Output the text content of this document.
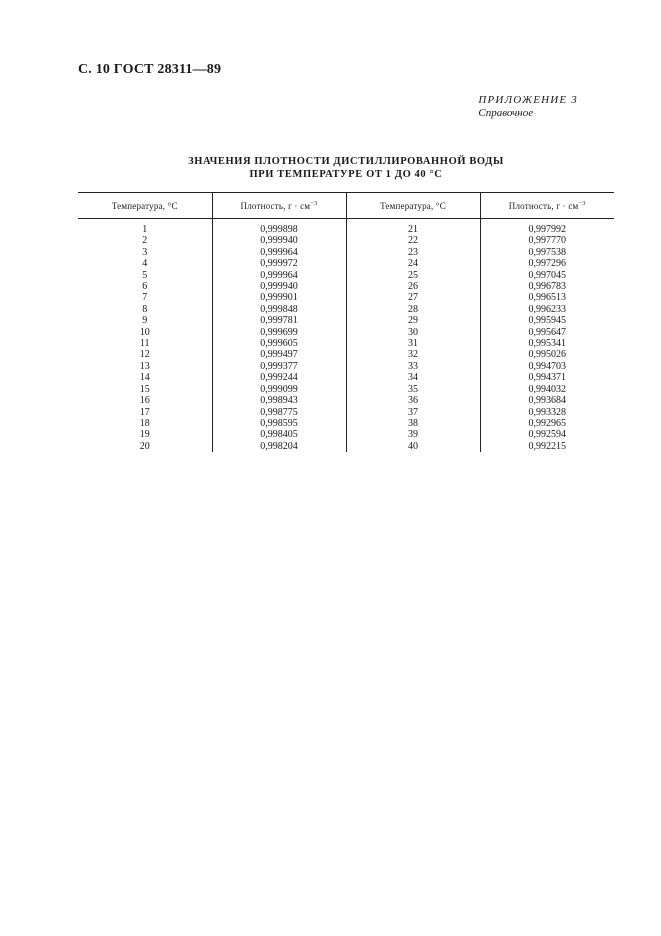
С. 10 ГОСТ 28311—89
ПРИЛОЖЕНИЕ 3
Справочное
ЗНАЧЕНИЯ ПЛОТНОСТИ ДИСТИЛЛИРОВАННОЙ ВОДЫ
ПРИ ТЕМПЕРАТУРЕ ОТ 1 ДО 40 °С
Температура, °С	Плотность, $г \cdot см^{-3}$	Температура, °С	Плотность, $г \cdot см^{-3}$
1	0,999898	21	0,997992
2	0,999940	22	0,997770
3	0,999964	23	0,997538
4	0,999972	24	0,997296
5	0,999964	25	0,997045
6	0,999940	26	0,996783
7	0,999901	27	0,996513
8	0,999848	28	0,996233
9	0,999781	29	0,995945
10	0,999699	30	0,995647
11	0,999605	31	0,995341
12	0,999497	32	0,995026
13	0,999377	33	0,994703
14	0,999244	34	0,994371
15	0,999099	35	0,994032
16	0,998943	36	0,993684
17	0,998775	37	0,993328
18	0,998595	38	0,992965
19	0,998405	39	0,992594
20	0,998204	40	0,992215
